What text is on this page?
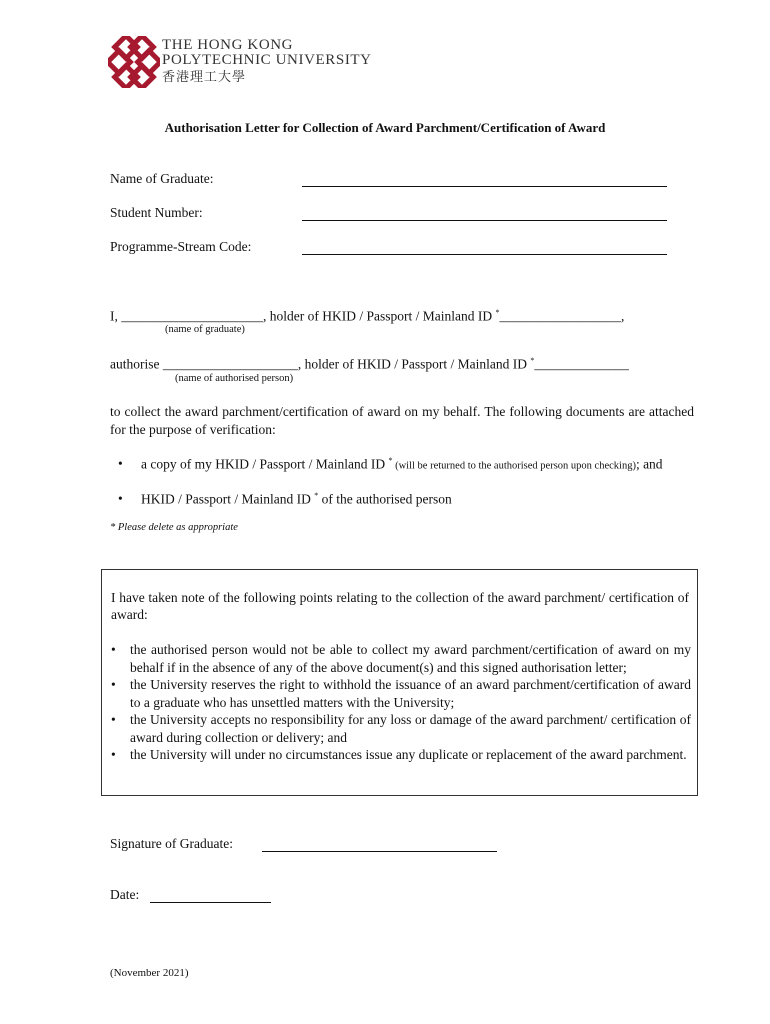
THE HONG KONG
POLYTECHNIC UNIVERSITY
香港理工大學
Authorisation Letter for Collection of Award Parchment/Certification of Award
Name of Graduate:
Student Number:
Programme-Stream Code:
I, _____________________, holder of HKID / Passport / Mainland ID *__________________,
(name of graduate)
authorise ____________________, holder of HKID / Passport / Mainland ID *______________
(name of authorised person)
to collect the award parchment/certification of award on my behalf. The following documents are attached for the purpose of verification:
• a copy of my HKID / Passport / Mainland ID * (will be returned to the authorised person upon checking); and
• HKID / Passport / Mainland ID * of the authorised person
* Please delete as appropriate
I have taken note of the following points relating to the collection of the award parchment/ certification of award:
• the authorised person would not be able to collect my award parchment/certification of award on my behalf if in the absence of any of the above document(s) and this signed authorisation letter;
• the University reserves the right to withhold the issuance of an award parchment/certification of award to a graduate who has unsettled matters with the University;
• the University accepts no responsibility for any loss or damage of the award parchment/ certification of award during collection or delivery; and
• the University will under no circumstances issue any duplicate or replacement of the award parchment.
Signature of Graduate:
Date:
(November 2021)
